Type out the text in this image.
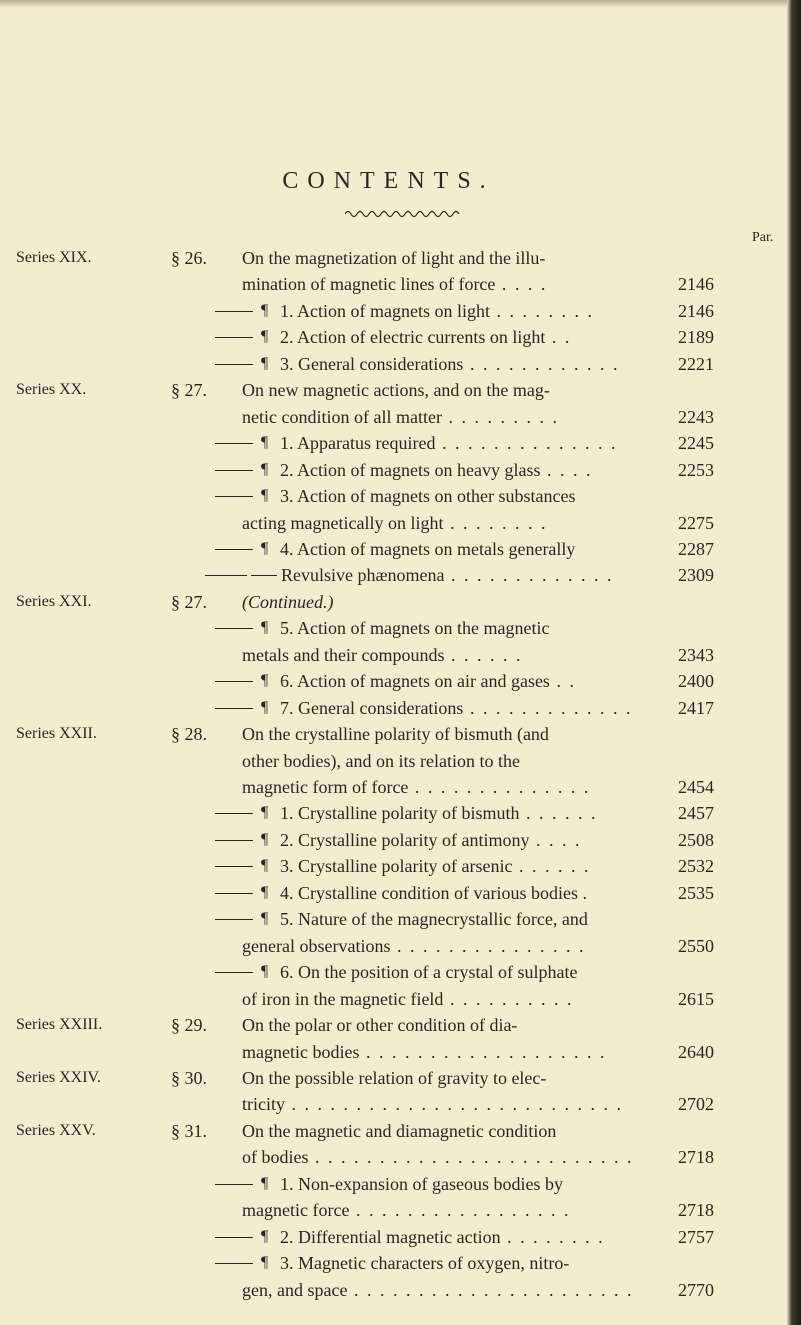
CONTENTS.
Par.
Series XIX.	§ 26. On the magnetization of light and the illu-
mination of magnetic lines of force . . . .	2146
¶ 1. Action of magnets on light . . . . . . . .	2146
¶ 2. Action of electric currents on light . .	2189
¶ 3. General considerations . . . . . . . . . . . .	2221
Series XX.	§ 27. On new magnetic actions, and on the mag-
netic condition of all matter . . . . . . . . .	2243
¶ 1. Apparatus required . . . . . . . . . . . . . .	2245
¶ 2. Action of magnets on heavy glass . . . .	2253
¶ 3. Action of magnets on other substances
acting magnetically on light . . . . . . . .	2275
¶ 4. Action of magnets on metals generally	2287
Revulsive phænomena . . . . . . . . . . . . .	2309
Series XXI.	§ 27. (Continued.)
¶ 5. Action of magnets on the magnetic
metals and their compounds . . . . . .	2343
¶ 6. Action of magnets on air and gases . .	2400
¶ 7. General considerations . . . . . . . . . . . . .	2417
Series XXII.	§ 28. On the crystalline polarity of bismuth (and
other bodies), and on its relation to the
magnetic form of force . . . . . . . . . . . . . .	2454
¶ 1. Crystalline polarity of bismuth . . . . . .	2457
¶ 2. Crystalline polarity of antimony . . . .	2508
¶ 3. Crystalline polarity of arsenic . . . . . .	2532
¶ 4. Crystalline condition of various bodies .	2535
¶ 5. Nature of the magnecrystallic force, and
general observations . . . . . . . . . . . . . . .	2550
¶ 6. On the position of a crystal of sulphate
of iron in the magnetic field . . . . . . . . . .	2615
Series XXIII.	§ 29. On the polar or other condition of dia-
magnetic bodies . . . . . . . . . . . . . . . . . . .	2640
Series XXIV.	§ 30. On the possible relation of gravity to elec-
tricity . . . . . . . . . . . . . . . . . . . . . . . . . .	2702
Series XXV.	§ 31. On the magnetic and diamagnetic condition
of bodies . . . . . . . . . . . . . . . . . . . . . . . . . 2718
¶ 1. Non-expansion of gaseous bodies by
magnetic force . . . . . . . . . . . . . . . . .	2718
¶ 2. Differential magnetic action . . . . . . . .	2757
¶ 3. Magnetic characters of oxygen, nitro-
gen, and space . . . . . . . . . . . . . . . . . . . . . . 2770
